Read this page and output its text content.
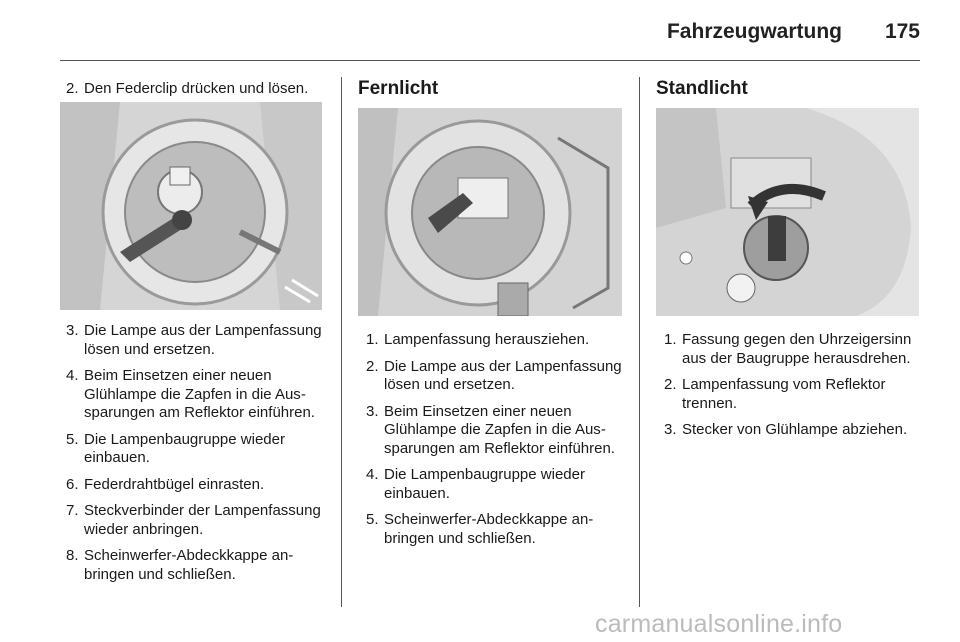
Fahrzeugwartung 175
2. Den Federclip drücken und lösen.
3. Die Lampe aus der Lampenfassung lösen und ersetzen.
4. Beim Einsetzen einer neuen Glühlampe die Zapfen in die Aussparungen am Reflektor einführen.
5. Die Lampenbaugruppe wieder einbauen.
6. Federdrahtbügel einrasten.
7. Steckverbinder der Lampenfassung wieder anbringen.
8. Scheinwerfer-Abdeckkappe anbringen und schließen.
Fernlicht
1. Lampenfassung herausziehen.
2. Die Lampe aus der Lampenfassung lösen und ersetzen.
3. Beim Einsetzen einer neuen Glühlampe die Zapfen in die Aussparungen am Reflektor einführen.
4. Die Lampenbaugruppe wieder einbauen.
5. Scheinwerfer-Abdeckkappe anbringen und schließen.
Standlicht
1. Fassung gegen den Uhrzeigersinn aus der Baugruppe herausdrehen.
2. Lampenfassung vom Reflektor trennen.
3. Stecker von Glühlampe abziehen.
carmanualsonline.info
